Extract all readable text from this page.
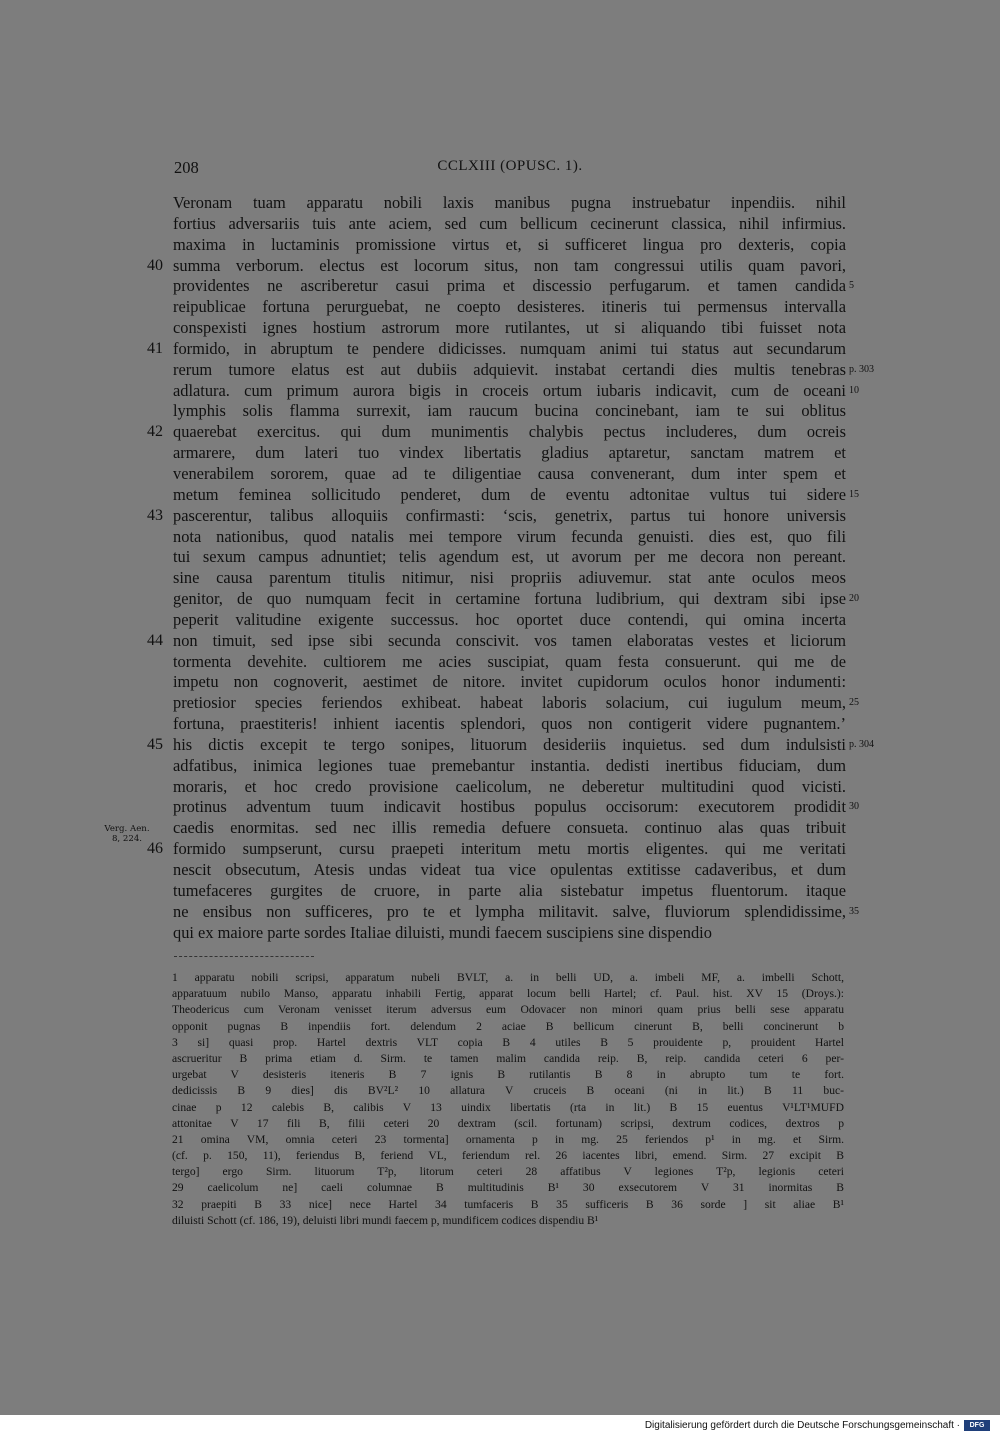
208	CCLXIII (OPUSC. 1).
Veronam tuam apparatu nobili laxis manibus pugna instruebatur inpendiis. nihil
fortius adversariis tuis ante aciem, sed cum bellicum cecinerunt classica, nihil infirmius.
maxima in luctaminis promissione virtus et, si sufficeret lingua pro dexteris, copia
summa verborum. electus est locorum situs, non tam congressui utilis quam pavori,
40
providentes ne ascriberetur casui prima et discessio perfugarum. et tamen candida 5
reipublicae fortuna perurguebat, ne coepto desisteres. itineris tui permensus intervalla
conspexisti ignes hostium astrorum more rutilantes, ut si aliquando tibi fuisset nota
formido, in abruptum te pendere didicisses. numquam animi tui status aut secundarum
41
rerum tumore elatus est aut dubiis adquievit. instabat certandi dies multis tenebras p. 303
adlatura. cum primum aurora bigis in croceis ortum iubaris indicavit, cum de oceani 10
lymphis solis flamma surrexit, iam raucum bucina concinebant, iam te sui oblitus
quaerebat exercitus. qui dum munimentis chalybis pectus includeres, dum ocreis
42
armarere, dum lateri tuo vindex libertatis gladius aptaretur, sanctam matrem et
venerabilem sororem, quae ad te diligentiae causa convenerant, dum inter spem et
metum feminea sollicitudo penderet, dum de eventu adtonitae vultus tui sidere 15
pascerentur, talibus alloquiis confirmasti: ‘scis, genetrix, partus tui honore universis
43
nota nationibus, quod natalis mei tempore virum fecunda genuisti. dies est, quo fili
tui sexum campus adnuntiet; telis agendum est, ut avorum per me decora non pereant.
sine causa parentum titulis nitimur, nisi propriis adiuvemur. stat ante oculos meos
genitor, de quo numquam fecit in certamine fortuna ludibrium, qui dextram sibi ipse 20
peperit valitudine exigente successus. hoc oportet duce contendi, qui omina incerta
non timuit, sed ipse sibi secunda conscivit. vos tamen elaboratas vestes et liciorum
44
tormenta devehite. cultiorem me acies suscipiat, quam festa consuerunt. qui me de
impetu non cognoverit, aestimet de nitore. invitet cupidorum oculos honor indumenti:
pretiosior species feriendos exhibeat. habeat laboris solacium, cui iugulum meum, 25
fortuna, praestiteris! inhient iacentis splendori, quos non contigerit videre pugnantem.’
his dictis excepit te tergo sonipes, lituorum desideriis inquietus. sed dum indulsisti
45	p. 304
adfatibus, inimica legiones tuae premebantur instantia. dedisti inertibus fiduciam, dum
moraris, et hoc credo provisione caelicolum, ne deberetur multitudini quod vicisti.
protinus adventum tuum indicavit hostibus populus occisorum: executorem prodidit 30
caedis enormitas. sed nec illis remedia defuere consueta. continuo alas quas tribuit
formido sumpserunt, cursu praepeti interitum metu mortis eligentes. qui me veritati
46
nescit obsecutum, Atesis undas videat tua vice opulentas extitisse cadaveribus, et dum
tumefaceres gurgites de cruore, in parte alia sistebatur impetus fluentorum. itaque
ne ensibus non sufficeres, pro te et lympha militavit. salve, fluviorum splendidissime, 35
qui ex maiore parte sordes Italiae diluisti, mundi faecem suscipiens sine dispendio
Verg. Aen.
8, 224.
1 apparatu nobili scripsi, apparatum nubeli BVLT, a. in belli UD, a. imbeli MF, a. imbelli Schott,
apparatuum nubilo Manso, apparatu inhabili Fertig, apparat locum belli Hartel; cf. Paul. hist. XV 15 (Droys.):
Theodericus cum Veronam venisset iterum adversus eum Odovacer non minori quam prius belli sese apparatu
opponit pugnas B inpendiis fort. delendum 2 aciae B bellicum cinerunt B, belli concinerunt b
3 si] quasi prop. Hartel dextris VLT copia B 4 utiles B 5 prouidente p, prouident Hartel
ascrueritur B prima etiam d. Sirm. te tamen malim candida reip. B, reip. candida ceteri 6 per-
urgebat V desisteris iteneris B 7 ignis B rutilantis B 8 in abrupto tum te fort.
dedicissis B 9 dies] dis BV²L² 10 allatura V cruceis B oceani (ni in lit.) B 11 buc-
cinae p 12 calebis B, calibis V 13 uindix libertatis (rta in lit.) B 15 euentus V¹LT¹MUFD
attonitae V 17 fili B, filii ceteri 20 dextram (scil. fortunam) scripsi, dextrum codices, dextros p
21 omina VM, omnia ceteri 23 tormenta] ornamenta p in mg. 25 feriendos p¹ in mg. et Sirm.
(cf. p. 150, 11), feriendus B, feriend VL, feriendum rel. 26 iacentes libri, emend. Sirm. 27 excipit B
tergo] ergo Sirm. lituorum T²p, litorum ceteri 28 affatibus V legiones T²p, legionis ceteri
29 caelicolum ne] caeli columnae B multitudinis B¹ 30 exsecutorem V 31 inormitas B
32 praepiti B 33 nice] nece Hartel 34 tumfaceris B 35 sufficeris B 36 sorde ] sit aliae B¹
diluisti Schott (cf. 186, 19), deluisti libri mundi faecem p, mundificem codices dispendiu B¹
Digitalisierung gefördert durch die Deutsche Forschungsgemeinschaft · DFG
